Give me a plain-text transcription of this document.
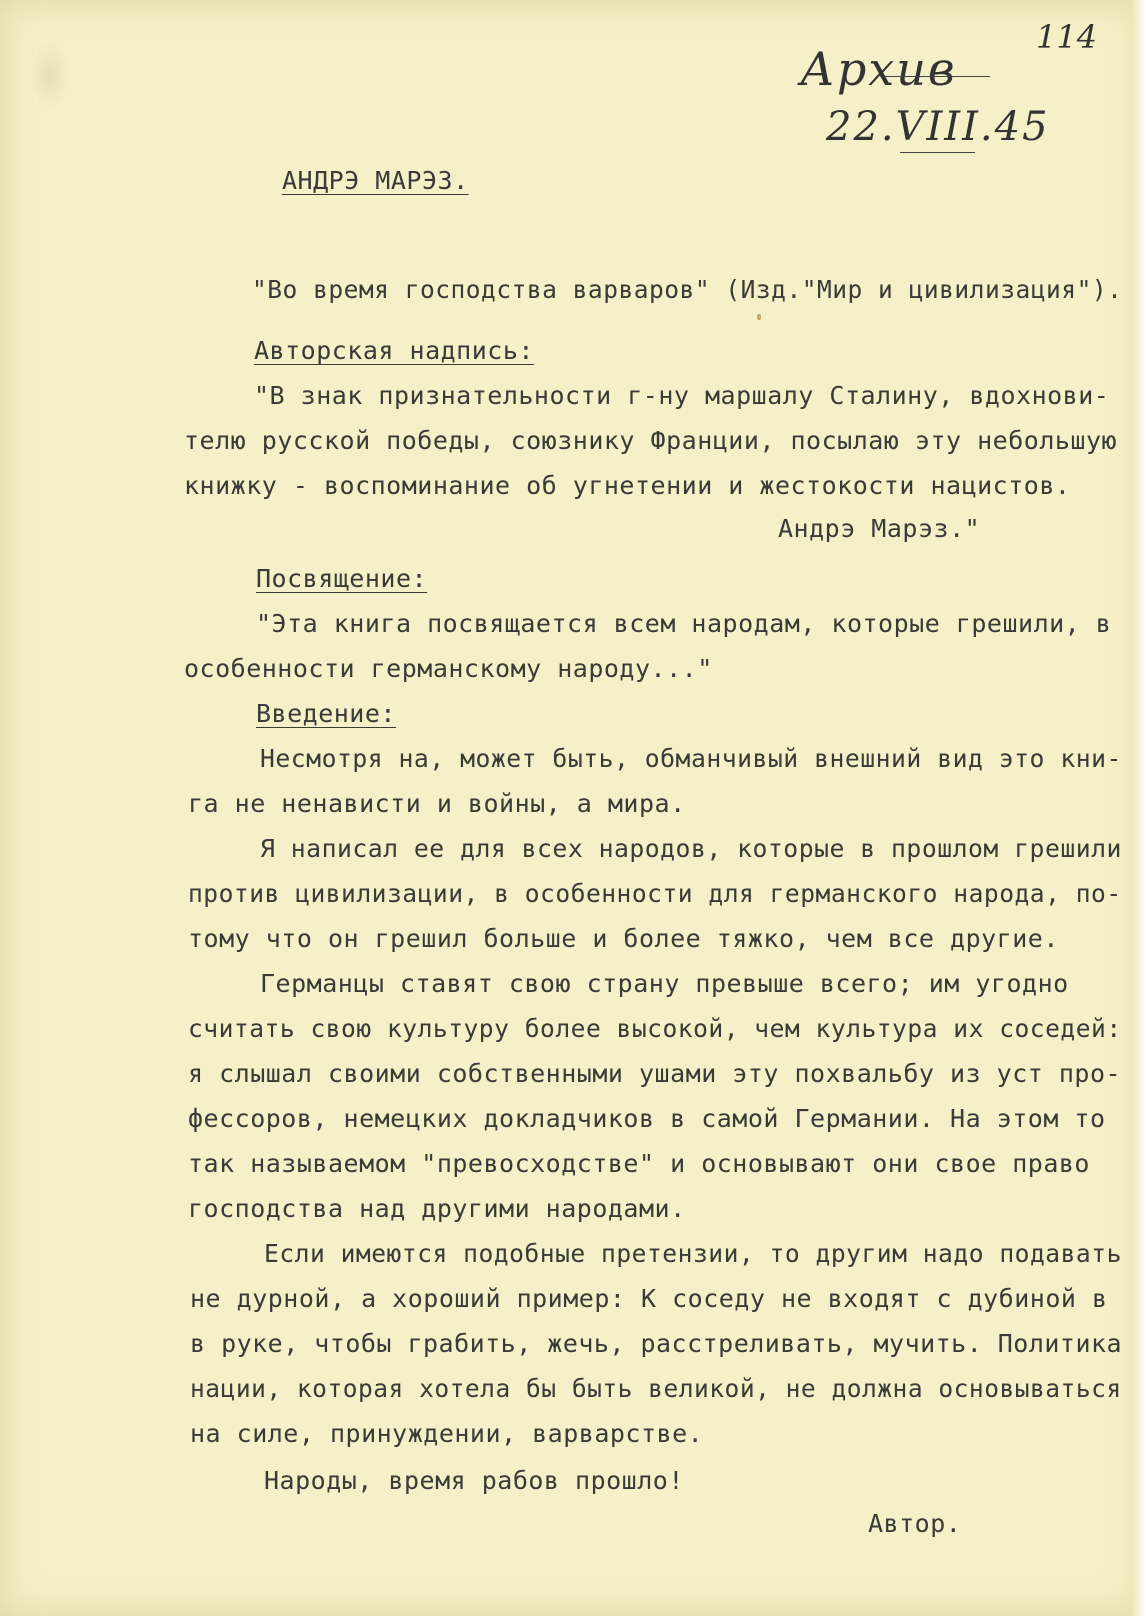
114
Архив
22.VIII.45
АНДРЭ МАРЭЗ.
"Во время господства варваров" (Изд."Мир и цивилизация").
Авторская надпись:
"В знак признательности г-ну маршалу Сталину, вдохнови-
телю русской победы, союзнику Франции, посылаю эту небольшую
книжку - воспоминание об угнетении и жестокости нацистов.
Андрэ Марэз."
Посвящение:
"Эта книга посвящается всем народам, которые грешили, в
особенности германскому народу..."
Введение:
Несмотря на, может быть, обманчивый внешний вид это кни-
га не ненависти и войны, а мира.
Я написал ее для всех народов, которые в прошлом грешили
против цивилизации, в особенности для германского народа, по-
тому что он грешил больше и более тяжко, чем все другие.
Германцы ставят свою страну превыше всего; им угодно
считать свою культуру более высокой, чем культура их соседей:
я слышал своими собственными ушами эту похвальбу из уст про-
фессоров, немецких докладчиков в самой Германии. На этом то
так называемом "превосходстве" и основывают они свое право
господства над другими народами.
Если имеются подобные претензии, то другим надо подавать
не дурной, а хороший пример: К соседу не входят с дубиной в
в руке, чтобы грабить, жечь, расстреливать, мучить. Политика
нации, которая хотела бы быть великой, не должна основываться
на силе, принуждении, варварстве.
Народы, время рабов прошло!
Автор.
